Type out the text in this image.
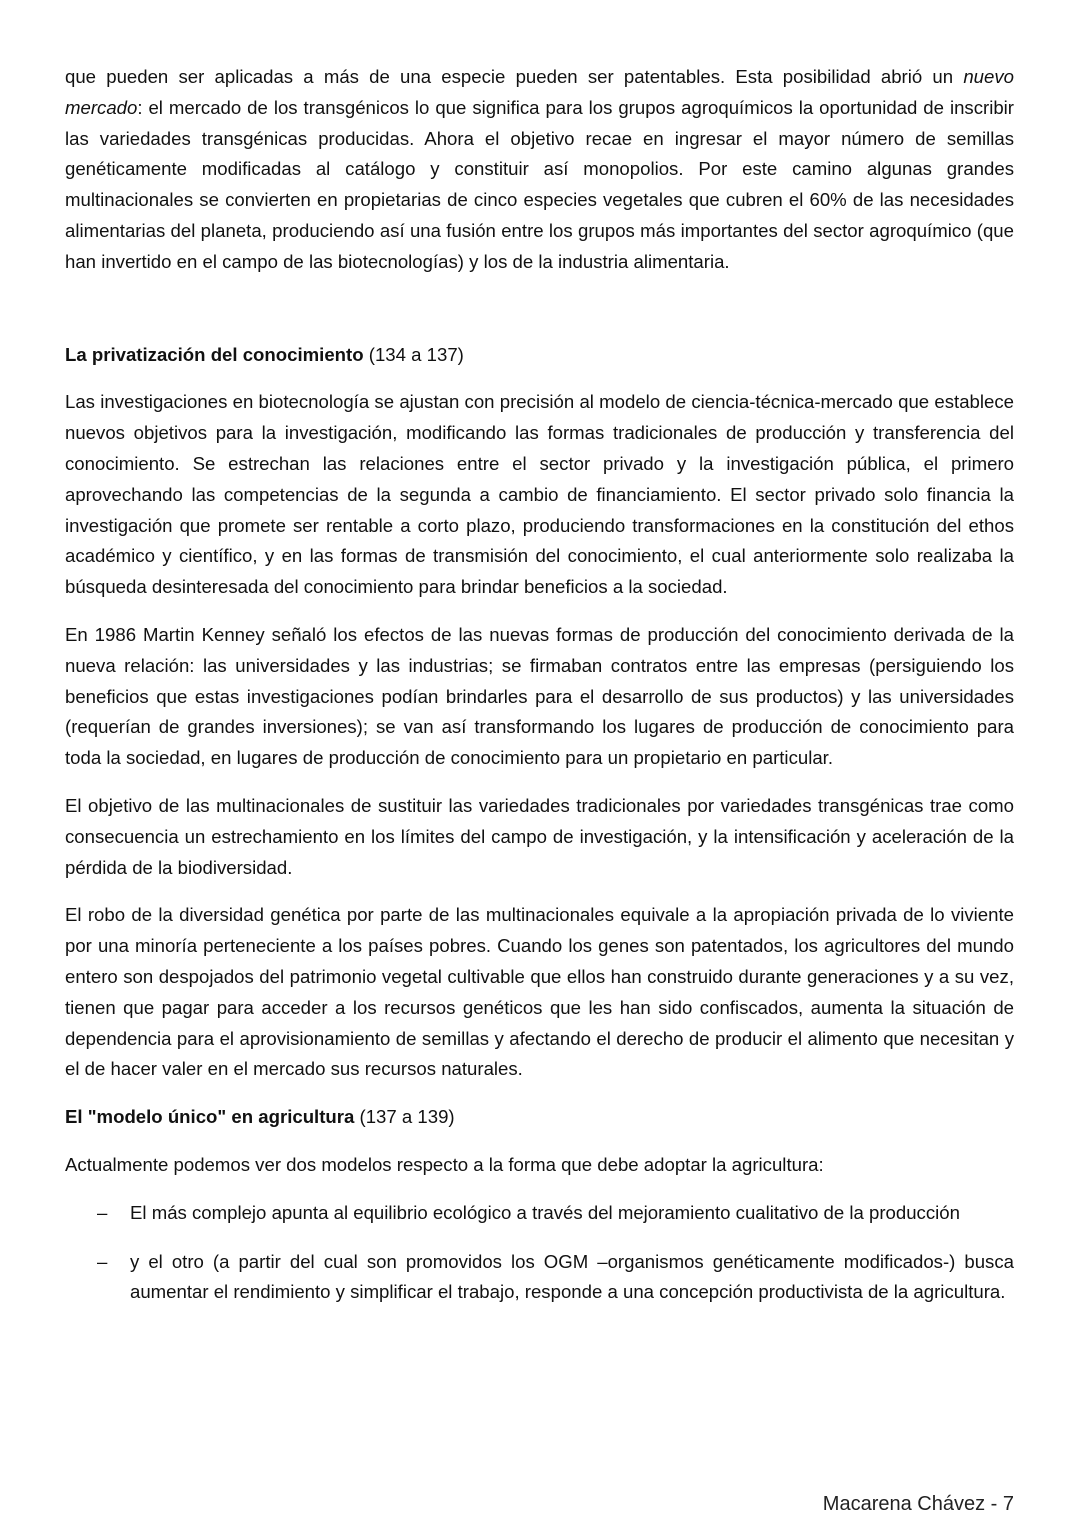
que pueden ser aplicadas a más de una especie pueden ser patentables. Esta posibilidad abrió un nuevo mercado: el mercado de los transgénicos lo que significa para los grupos agroquímicos la oportunidad de inscribir las variedades transgénicas producidas. Ahora el objetivo recae en ingresar el mayor número de semillas genéticamente modificadas al catálogo y constituir así monopolios. Por este camino algunas grandes multinacionales se convierten en propietarias de cinco especies vegetales que cubren el 60% de las necesidades alimentarias del planeta, produciendo así una fusión entre los grupos más importantes del sector agroquímico (que han invertido en el campo de las biotecnologías) y los de la industria alimentaria.

La privatización del conocimiento (134 a 137)

Las investigaciones en biotecnología se ajustan con precisión al modelo de ciencia-técnica-mercado que establece nuevos objetivos para la investigación, modificando las formas tradicionales de producción y transferencia del conocimiento. Se estrechan las relaciones entre el sector privado y la investigación pública, el primero aprovechando las competencias de la segunda a cambio de financiamiento. El sector privado solo financia la investigación que promete ser rentable a corto plazo, produciendo transformaciones en la constitución del ethos académico y científico, y en las formas de transmisión del conocimiento, el cual anteriormente solo realizaba la búsqueda desinteresada del conocimiento para brindar beneficios a la sociedad.

En 1986 Martin Kenney señaló los efectos de las nuevas formas de producción del conocimiento derivada de la nueva relación: las universidades y las industrias; se firmaban contratos entre las empresas (persiguiendo los beneficios que estas investigaciones podían brindarles para el desarrollo de sus productos) y las universidades (requerían de grandes inversiones); se van así transformando los lugares de producción de conocimiento para toda la sociedad, en lugares de producción de conocimiento para un propietario en particular.

El objetivo de las multinacionales de sustituir las variedades tradicionales por variedades transgénicas trae como consecuencia un estrechamiento en los límites del campo de investigación, y la intensificación y aceleración de la pérdida de la biodiversidad.

El robo de la diversidad genética por parte de las multinacionales equivale a la apropiación privada de lo viviente por una minoría perteneciente a los países pobres. Cuando los genes son patentados, los agricultores del mundo entero son despojados del patrimonio vegetal cultivable que ellos han construido durante generaciones y a su vez, tienen que pagar para acceder a los recursos genéticos que les han sido confiscados, aumenta la situación de dependencia para el aprovisionamiento de semillas y afectando el derecho de producir el alimento que necesitan y el de hacer valer en el mercado sus recursos naturales.

El "modelo único" en agricultura (137 a 139)

Actualmente podemos ver dos modelos respecto a la forma que debe adoptar la agricultura:

– El más complejo apunta al equilibrio ecológico a través del mejoramiento cualitativo de la producción
– y el otro (a partir del cual son promovidos los OGM –organismos genéticamente modificados-) busca aumentar el rendimiento y simplificar el trabajo, responde a una concepción productivista de la agricultura.
Macarena Chávez - 7
